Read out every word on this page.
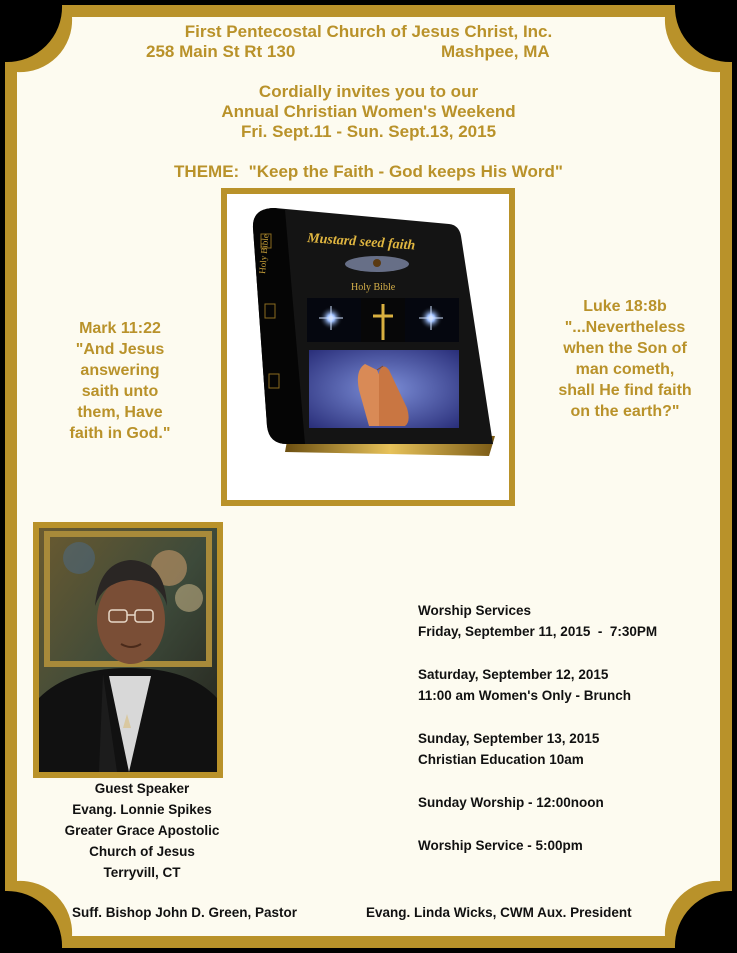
First Pentecostal Church of Jesus Christ, Inc.
258 Main St Rt 130	Mashpee, MA
Cordially invites you to our
Annual Christian Women's Weekend
Fri. Sept.11 - Sun. Sept.13, 2015
THEME:  "Keep the Faith - God keeps His Word"
Holy Bible	Mustard seed faith
Holy Bible
Mark 11:22
"And Jesus
answering
saith unto
them, Have
faith in God."
Luke 18:8b
"...Nevertheless
when the Son of
man cometh,
shall He find faith
on the earth?"
Guest Speaker
Evang. Lonnie Spikes
Greater Grace Apostolic
Church of Jesus
Terryvill, CT
Worship Services
Friday, September 11, 2015  -  7:30PM
Saturday, September 12, 2015
11:00 am Women's Only - Brunch
Sunday, September 13, 2015
Christian Education 10am
Sunday Worship - 12:00noon
Worship Service - 5:00pm
Suff. Bishop John D. Green, Pastor	Evang. Linda Wicks, CWM Aux. President
